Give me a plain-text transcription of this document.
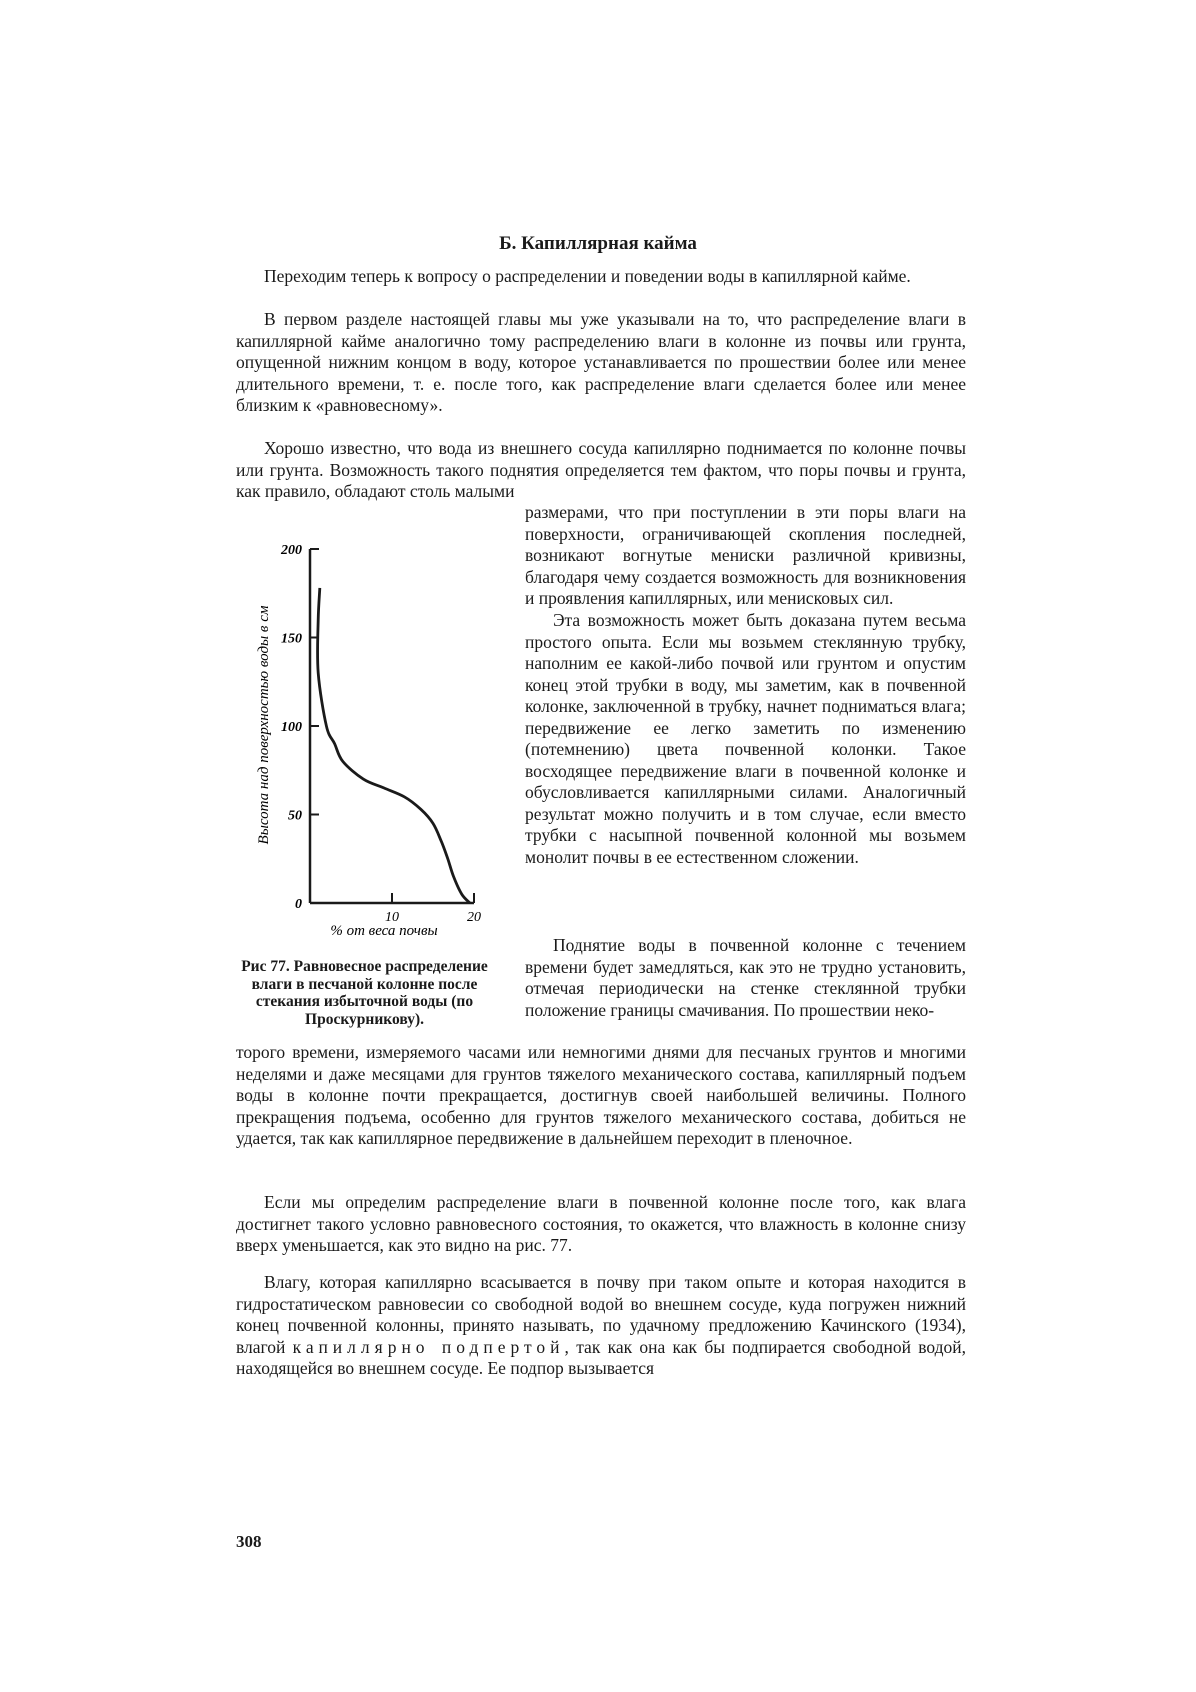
Б. Капиллярная кайма

Переходим теперь к вопросу о распределении и поведении воды в капиллярной кайме.

В первом разделе настоящей главы мы уже указывали на то, что распределение влаги в капиллярной кайме аналогично тому распределению влаги в колонне из почвы или грунта, опущенной нижним концом в воду, которое устанавливается по прошествии более или менее длительного времени, т. е. после того, как распределение влаги сделается более или менее близким к «равновесному».

Хорошо известно, что вода из внешнего сосуда капиллярно поднимается по колонне почвы или грунта. Возможность такого поднятия определяется тем фактом, что поры почвы и грунта, как правило, обладают столь малыми

размерами, что при поступлении в эти поры влаги на поверхности, ограничивающей скопления последней, возникают вогнутые мениски различной кривизны, благодаря чему создается возможность для возникновения и проявления капиллярных, или менисковых сил.

Эта возможность может быть доказана путем весьма простого опыта. Если мы возьмем стеклянную трубку, наполним ее какой-либо почвой или грунтом и опустим конец этой трубки в воду, мы заметим, как в почвенной колонке, заключенной в трубку, начнет подниматься влага; передвижение ее легко заметить по изменению (потемнению) цвета почвенной колонки. Такое восходящее передвижение влаги в почвенной колонке и обусловливается капиллярными силами. Аналогичный результат можно получить и в том случае, если вместо трубки с насыпной почвенной колонной мы возьмем монолит почвы в ее естественном сложении.

Поднятие воды в почвенной колонне с течением времени будет замедляться, как это не трудно установить, отмечая периодически на стенке стеклянной трубки положение границы смачивания. По прошествии неко-

торого времени, измеряемого часами или немногими днями для песчаных грунтов и многими неделями и даже месяцами для грунтов тяжелого механического состава, капиллярный подъем воды в колонне почти прекращается, достигнув своей наибольшей величины. Полного прекращения подъема, особенно для грунтов тяжелого механического состава, добиться не удается, так как капиллярное передвижение в дальнейшем переходит в пленочное.

Если мы определим распределение влаги в почвенной колонне после того, как влага достигнет такого условно равновесного состояния, то окажется, что влажность в колонне снизу вверх уменьшается, как это видно на рис. 77.

Влагу, которая капиллярно всасывается в почву при таком опыте и которая находится в гидростатическом равновесии со свободной водой во внешнем сосуде, куда погружен нижний конец почвенной колонны, принято называть, по удачному предложению Качинского (1934), влагой капиллярно подпертой, так как она как бы подпирается свободной водой, находящейся во внешнем сосуде. Ее подпор вызывается

0
50
100
150
200
10	20
% от веса почвы
Высота над поверхностью воды в см
Рис 77. Равновесное распределение влаги в песчаной колонне после стекания избыточной воды (по Проскурникову).
308
